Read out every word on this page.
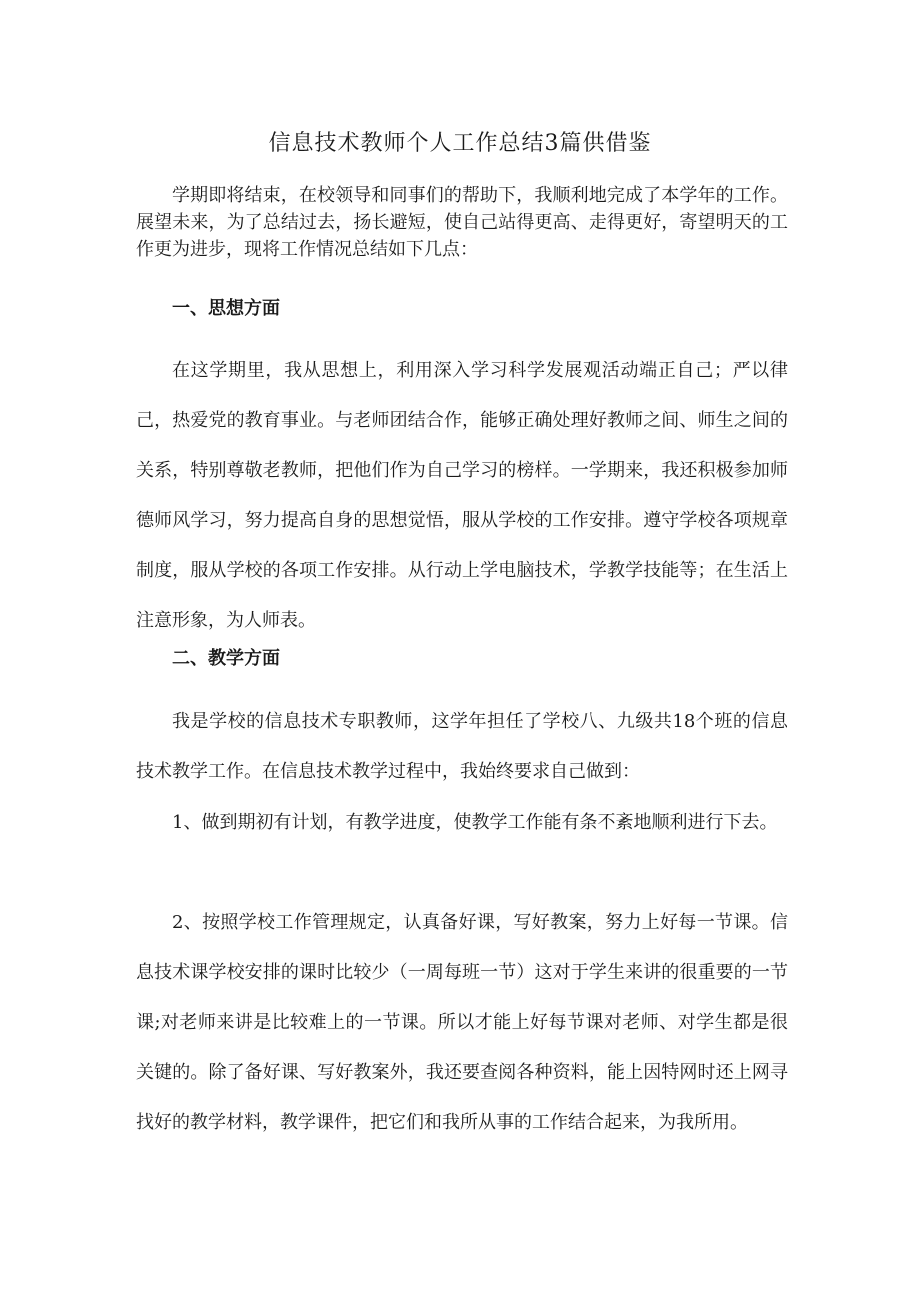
信息技术教师个人工作总结3篇供借鉴

学期即将结束，在校领导和同事们的帮助下，我顺利地完成了本学年的工作。展望未来，为了总结过去，扬长避短，使自己站得更高、走得更好，寄望明天的工作更为进步，现将工作情况总结如下几点：

一、思想方面

在这学期里，我从思想上，利用深入学习科学发展观活动端正自己；严以律己，热爱党的教育事业。与老师团结合作，能够正确处理好教师之间、师生之间的关系，特别尊敬老教师，把他们作为自己学习的榜样。一学期来，我还积极参加师德师风学习，努力提高自身的思想觉悟，服从学校的工作安排。遵守学校各项规章制度，服从学校的各项工作安排。从行动上学电脑技术，学教学技能等；在生活上注意形象，为人师表。

二、教学方面

我是学校的信息技术专职教师，这学年担任了学校八、九级共18个班的信息技术教学工作。在信息技术教学过程中，我始终要求自己做到：

1、做到期初有计划，有教学进度，使教学工作能有条不紊地顺利进行下去。

2、按照学校工作管理规定，认真备好课，写好教案，努力上好每一节课。信息技术课学校安排的课时比较少（一周每班一节）这对于学生来讲的很重要的一节课;对老师来讲是比较难上的一节课。所以才能上好每节课对老师、对学生都是很关键的。除了备好课、写好教案外，我还要查阅各种资料，能上因特网时还上网寻找好的教学材料，教学课件，把它们和我所从事的工作结合起来，为我所用。
